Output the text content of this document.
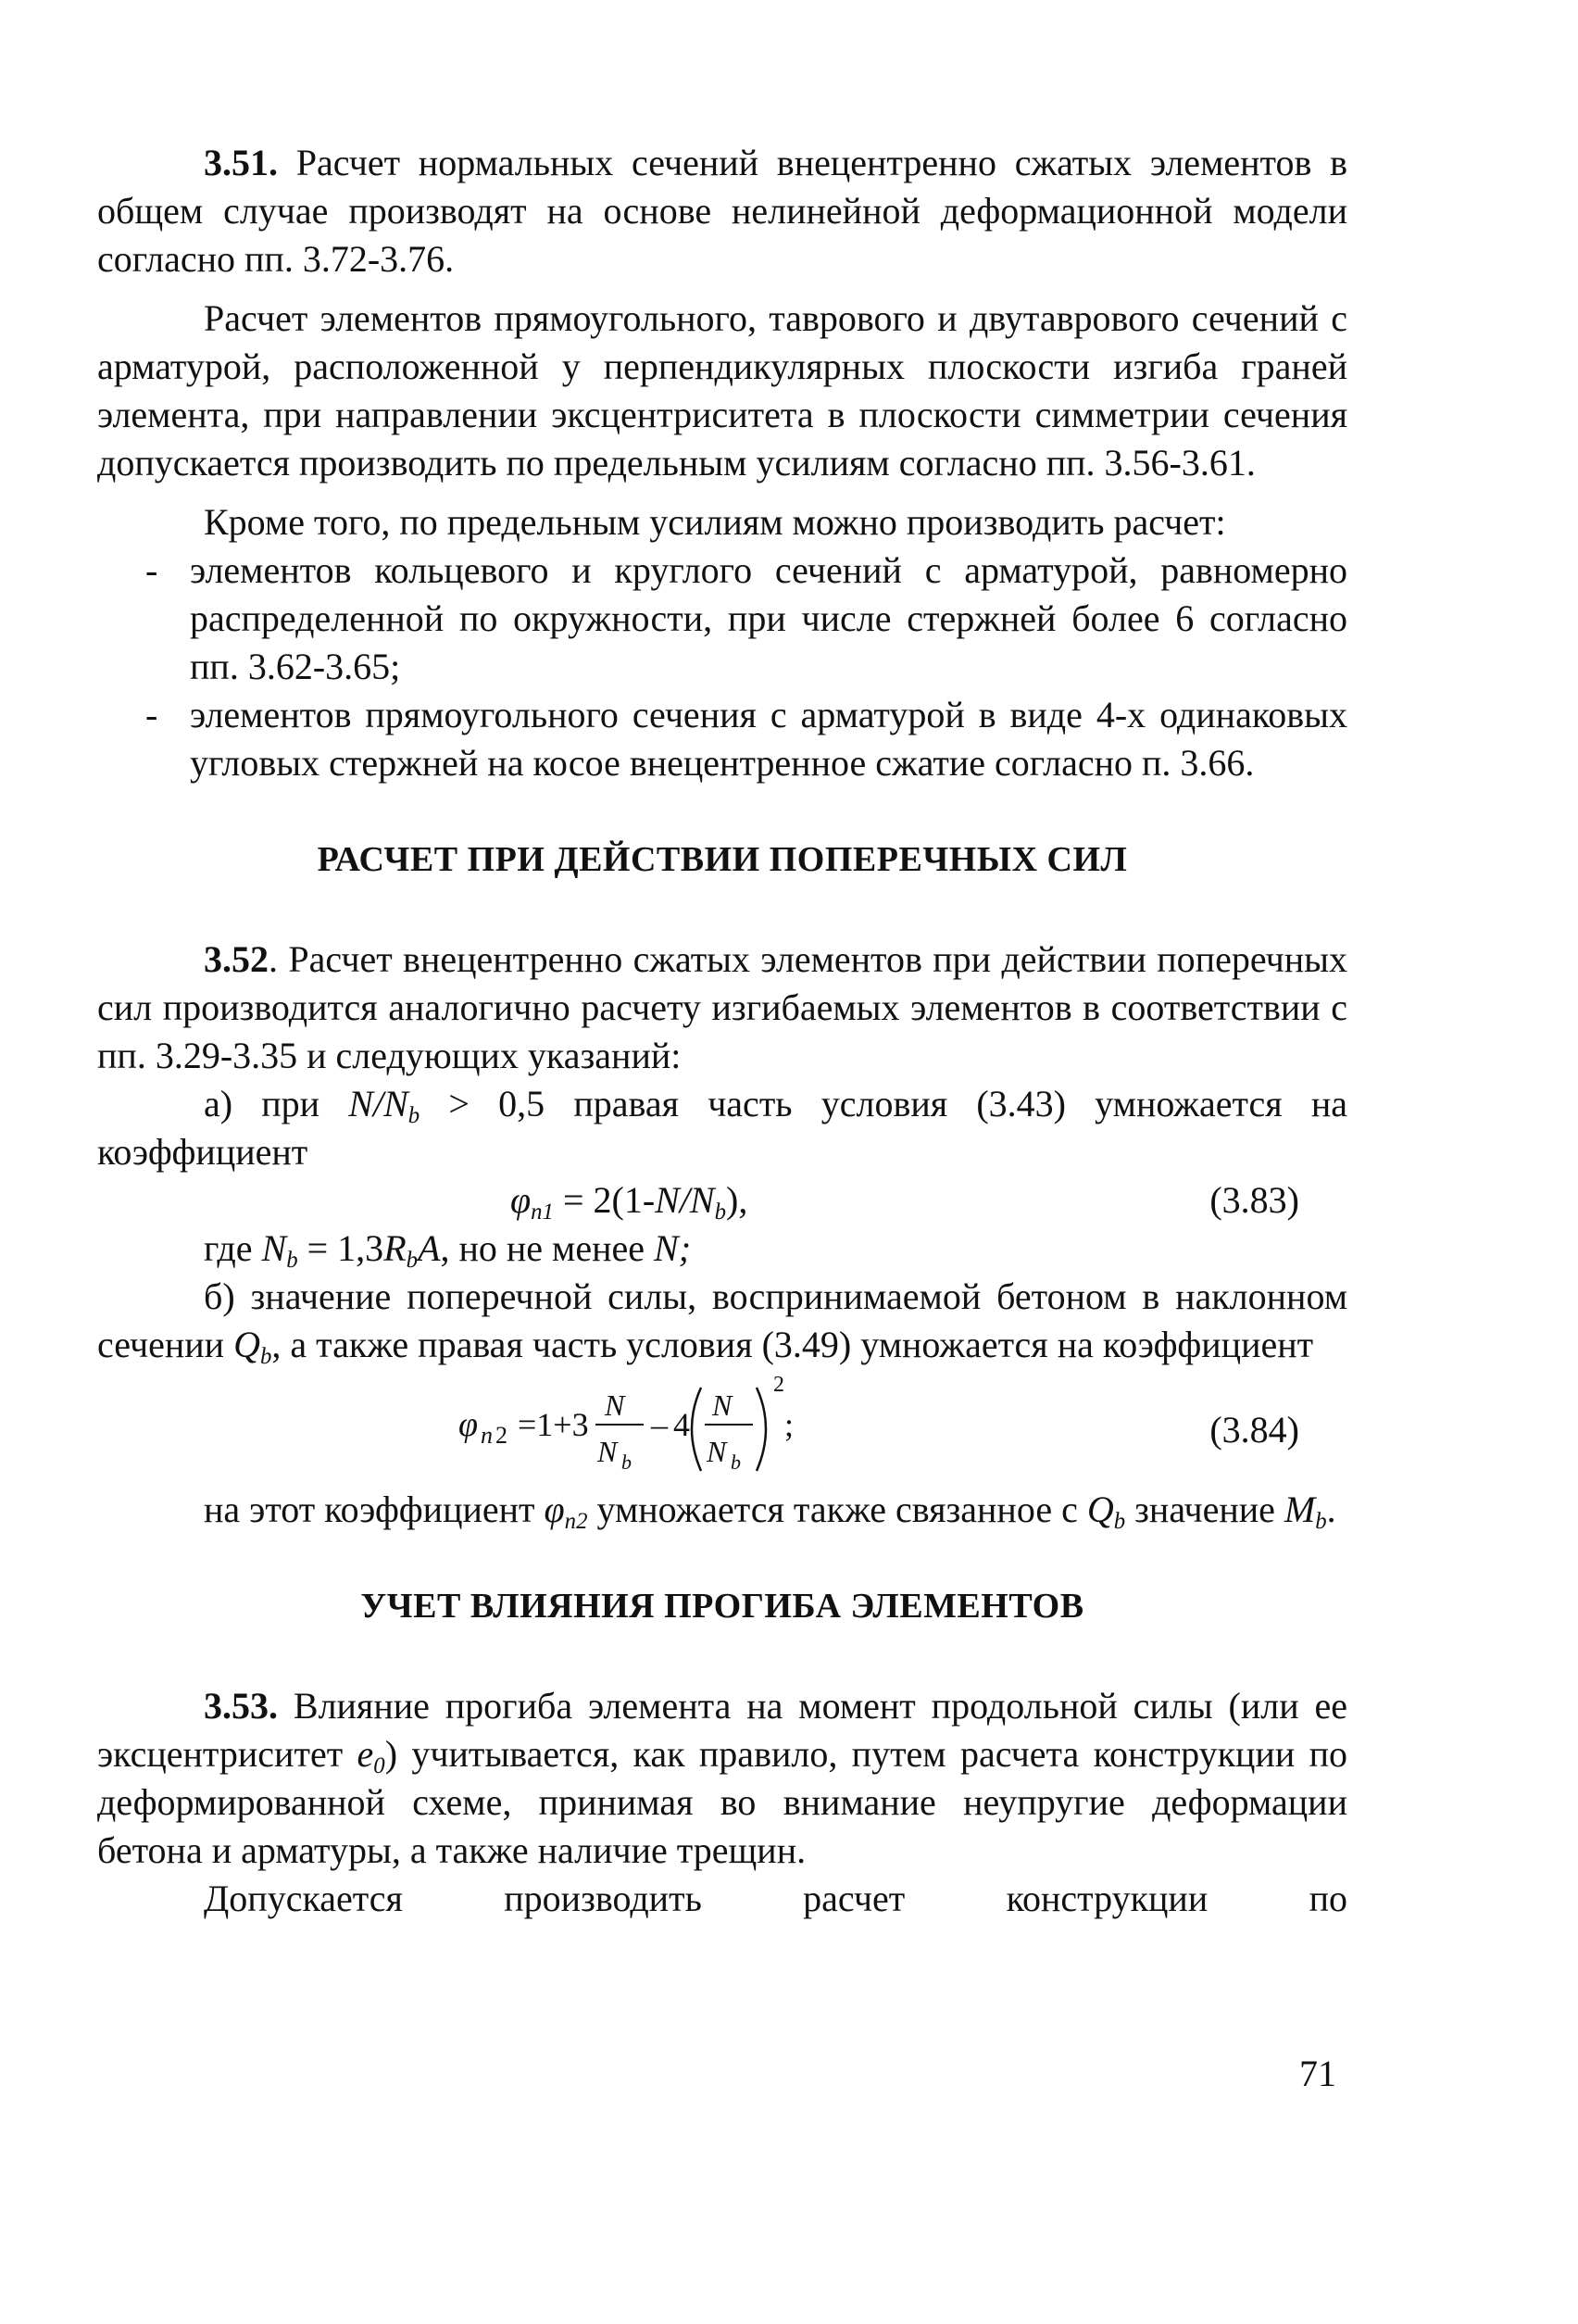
3.51. Расчет нормальных сечений внецентренно сжатых элементов в общем случае производят на основе нелинейной деформационной модели согласно пп. 3.72-3.76.

Расчет элементов прямоугольного, таврового и двутаврового сечений с арматурой, расположенной у перпендикулярных плоскости изгиба граней элемента, при направлении эксцентриситета в плоскости симметрии сечения допускается производить по предельным усилиям согласно пп. 3.56-3.61.

Кроме того, по предельным усилиям можно производить расчет:

- элементов кольцевого и круглого сечений с арматурой, равномерно распределенной по окружности, при числе стержней более 6 согласно пп. 3.62-3.65;

- элементов прямоугольного сечения с арматурой в виде 4-х одинаковых угловых стержней на косое внецентренное сжатие согласно п. 3.66.

РАСЧЕТ ПРИ ДЕЙСТВИИ ПОПЕРЕЧНЫХ СИЛ

3.52. Расчет внецентренно сжатых элементов при действии поперечных сил производится аналогично расчету изгибаемых элементов в соответствии с пп. 3.29-3.35 и следующих указаний:

а) при $N/N_b > 0,5$ правая часть условия (3.43) умножается на коэффициент

$\varphi_{n1} = 2(1-N/N_b)$,	(3.83)

где $N_b = 1,3R_bA$, но не менее N;

б) значение поперечной силы, воспринимаемой бетоном в наклонном сечении $Q_b$, а также правая часть условия (3.49) умножается на коэффициент

φ n 2 =1+3
N
N b
– 4
N
N b
2
;	(3.84)

на этот коэффициент $\varphi_{n2}$ умножается также связанное с $Q_b$ значение $M_b$.

УЧЕТ ВЛИЯНИЯ ПРОГИБА ЭЛЕМЕНТОВ

3.53. Влияние прогиба элемента на момент продольной силы (или ее эксцентриситет $e_0$) учитывается, как правило, путем расчета конструкции по деформированной схеме, принимая во внимание неупругие деформации бетона и арматуры, а также наличие трещин.

Допускается производить расчет конструкции по

71
